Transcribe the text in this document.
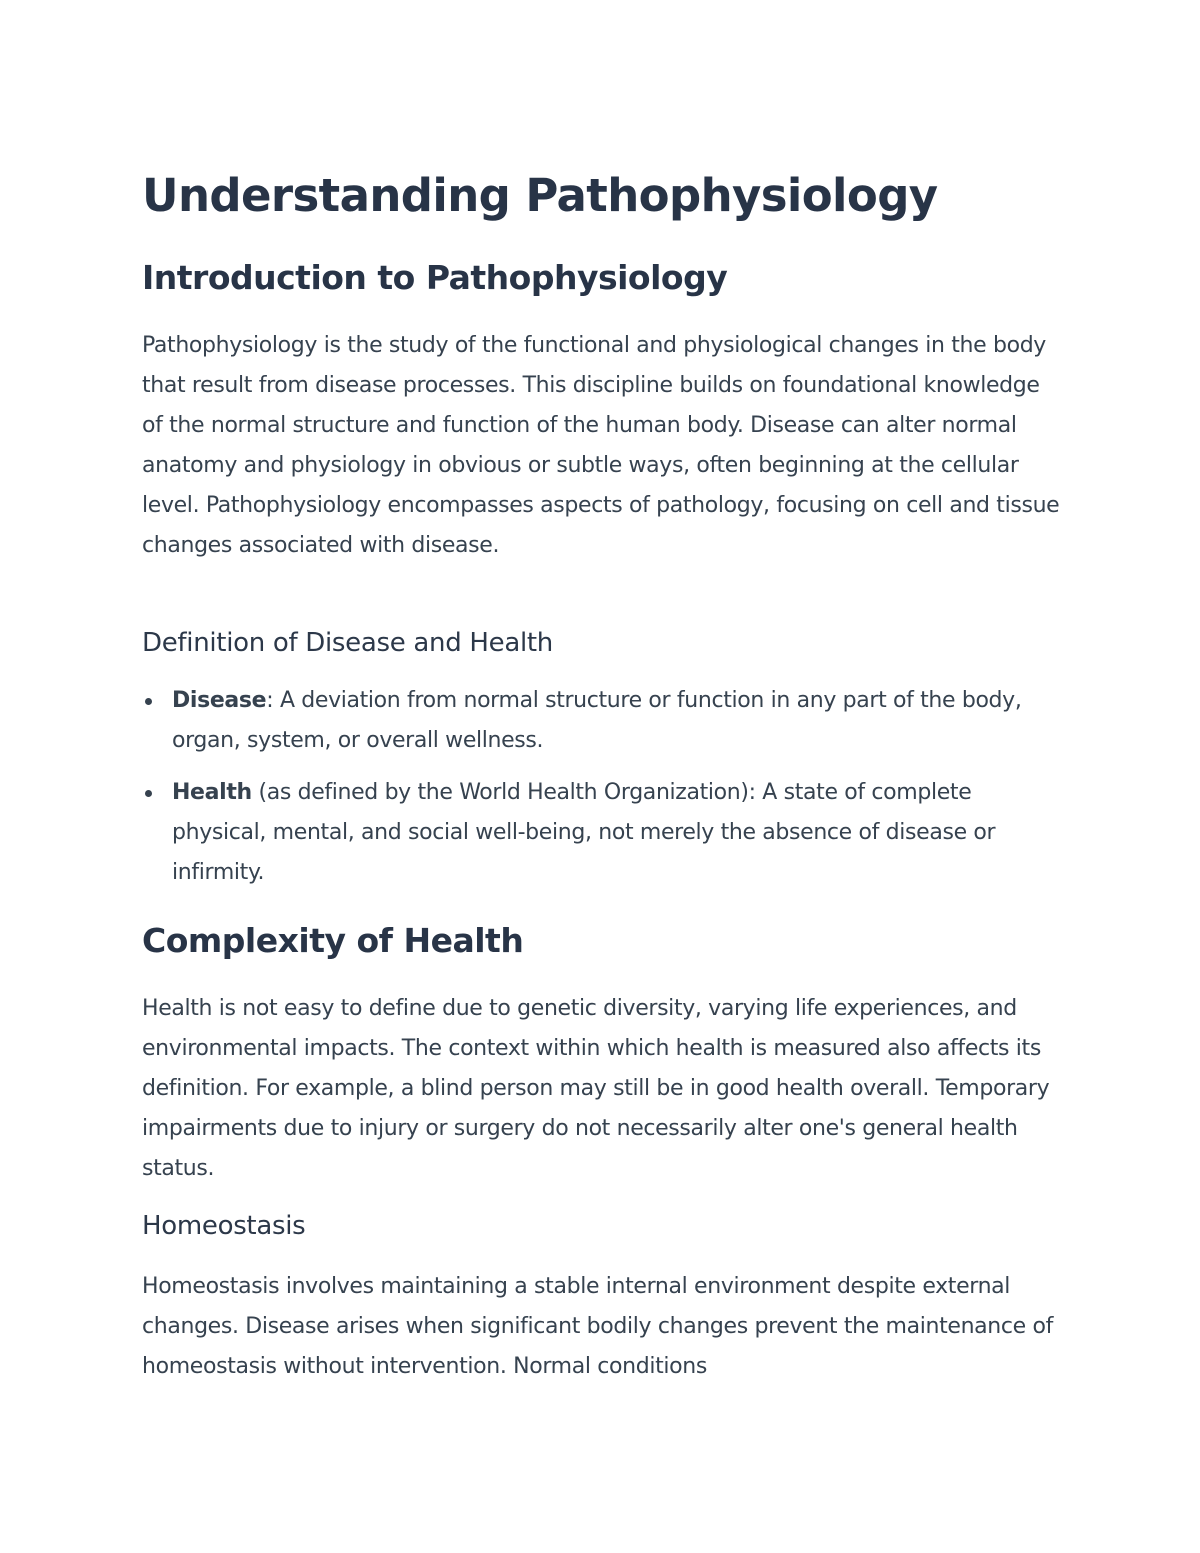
Understanding Pathophysiology
Introduction to Pathophysiology

Pathophysiology is the study of the functional and physiological changes in the body that result from disease processes. This discipline builds on foundational knowledge of the normal structure and function of the human body. Disease can alter normal anatomy and physiology in obvious or subtle ways, often beginning at the cellular level. Pathophysiology encompasses aspects of pathology, focusing on cell and tissue changes associated with disease.

Definition of Disease and Health
Disease: A deviation from normal structure or function in any part of the body, organ, system, or overall wellness.
Health (as defined by the World Health Organization): A state of complete physical, mental, and social well-being, not merely the absence of disease or infirmity.
Complexity of Health

Health is not easy to define due to genetic diversity, varying life experiences, and environmental impacts. The context within which health is measured also affects its definition. For example, a blind person may still be in good health overall. Temporary impairments due to injury or surgery do not necessarily alter one's general health status.

Homeostasis

Homeostasis involves maintaining a stable internal environment despite external changes. Disease arises when significant bodily changes prevent the maintenance of homeostasis without intervention. Normal conditions
